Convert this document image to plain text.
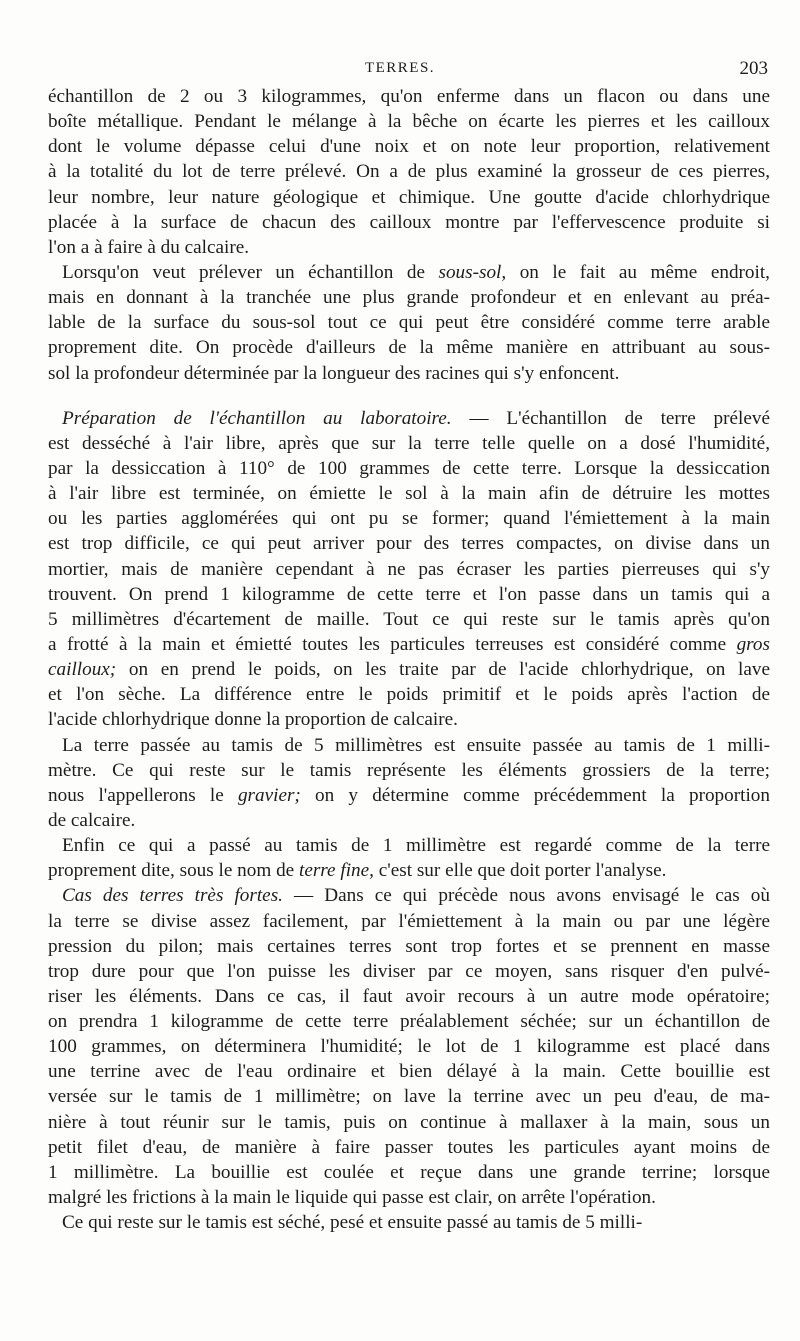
TERRES.	203
échantillon de 2 ou 3 kilogrammes, qu'on enferme dans un flacon ou dans une
boîte métallique. Pendant le mélange à la bêche on écarte les pierres et les cailloux
dont le volume dépasse celui d'une noix et on note leur proportion, relativement
à la totalité du lot de terre prélevé. On a de plus examiné la grosseur de ces pierres,
leur nombre, leur nature géologique et chimique. Une goutte d'acide chlorhydrique
placée à la surface de chacun des cailloux montre par l'effervescence produite si
l'on a à faire à du calcaire.
Lorsqu'on veut prélever un échantillon de sous-sol, on le fait au même endroit,
mais en donnant à la tranchée une plus grande profondeur et en enlevant au préa-
lable de la surface du sous-sol tout ce qui peut être considéré comme terre arable
proprement dite. On procède d'ailleurs de la même manière en attribuant au sous-
sol la profondeur déterminée par la longueur des racines qui s'y enfoncent.
Préparation de l'échantillon au laboratoire. — L'échantillon de terre prélevé
est desséché à l'air libre, après que sur la terre telle quelle on a dosé l'humidité,
par la dessiccation à 110° de 100 grammes de cette terre. Lorsque la dessiccation
à l'air libre est terminée, on émiette le sol à la main afin de détruire les mottes
ou les parties agglomérées qui ont pu se former; quand l'émiettement à la main
est trop difficile, ce qui peut arriver pour des terres compactes, on divise dans un
mortier, mais de manière cependant à ne pas écraser les parties pierreuses qui s'y
trouvent. On prend 1 kilogramme de cette terre et l'on passe dans un tamis qui a
5 millimètres d'écartement de maille. Tout ce qui reste sur le tamis après qu'on
a frotté à la main et émietté toutes les particules terreuses est considéré comme gros
cailloux; on en prend le poids, on les traite par de l'acide chlorhydrique, on lave
et l'on sèche. La différence entre le poids primitif et le poids après l'action de
l'acide chlorhydrique donne la proportion de calcaire.
La terre passée au tamis de 5 millimètres est ensuite passée au tamis de 1 milli-
mètre. Ce qui reste sur le tamis représente les éléments grossiers de la terre;
nous l'appellerons le gravier; on y détermine comme précédemment la proportion
de calcaire.
Enfin ce qui a passé au tamis de 1 millimètre est regardé comme de la terre
proprement dite, sous le nom de terre fine, c'est sur elle que doit porter l'analyse.
Cas des terres très fortes. — Dans ce qui précède nous avons envisagé le cas où
la terre se divise assez facilement, par l'émiettement à la main ou par une légère
pression du pilon; mais certaines terres sont trop fortes et se prennent en masse
trop dure pour que l'on puisse les diviser par ce moyen, sans risquer d'en pulvé-
riser les éléments. Dans ce cas, il faut avoir recours à un autre mode opératoire;
on prendra 1 kilogramme de cette terre préalablement séchée; sur un échantillon de
100 grammes, on déterminera l'humidité; le lot de 1 kilogramme est placé dans
une terrine avec de l'eau ordinaire et bien délayé à la main. Cette bouillie est
versée sur le tamis de 1 millimètre; on lave la terrine avec un peu d'eau, de ma-
nière à tout réunir sur le tamis, puis on continue à mallaxer à la main, sous un
petit filet d'eau, de manière à faire passer toutes les particules ayant moins de
1 millimètre. La bouillie est coulée et reçue dans une grande terrine; lorsque
malgré les frictions à la main le liquide qui passe est clair, on arrête l'opération.
Ce qui reste sur le tamis est séché, pesé et ensuite passé au tamis de 5 milli-
